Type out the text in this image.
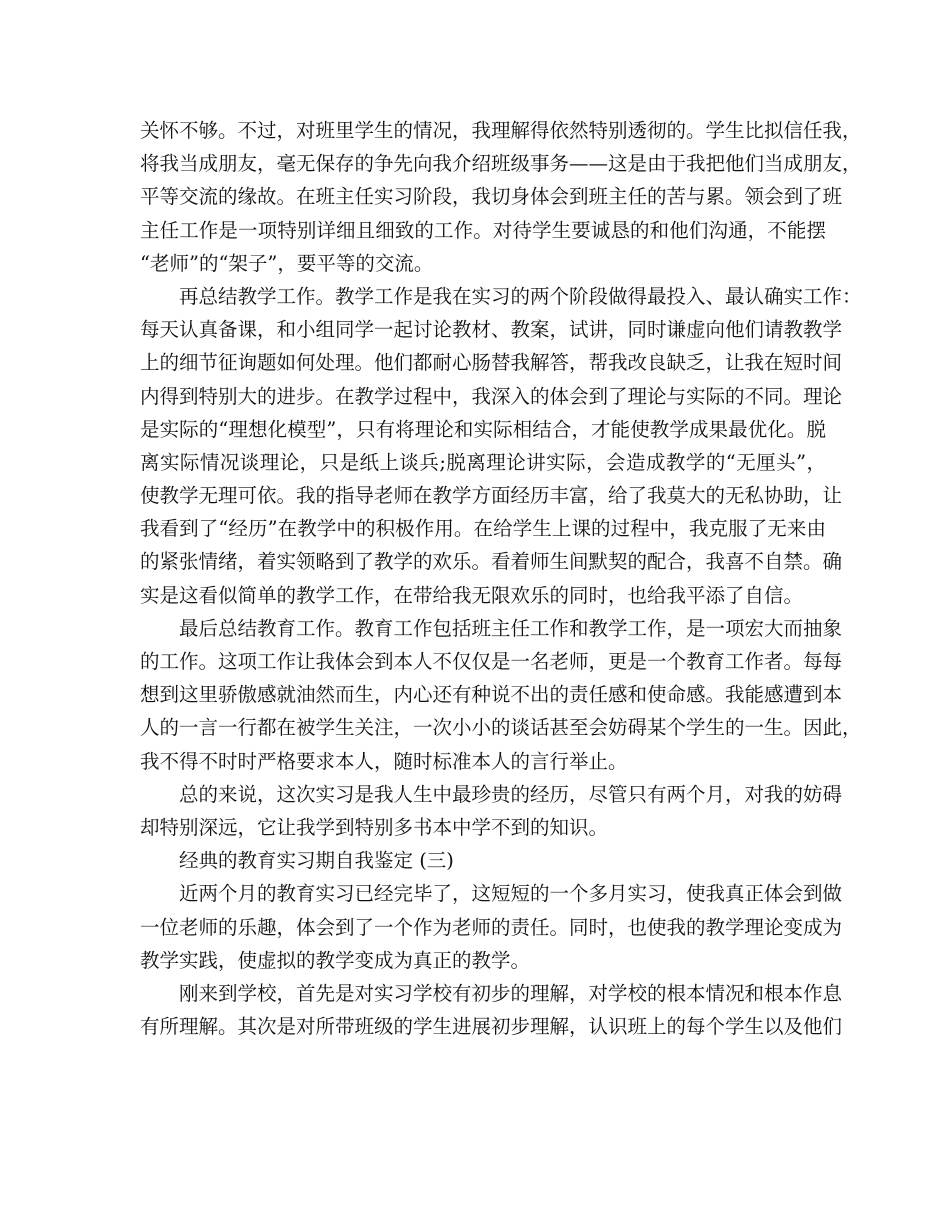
关怀不够。不过，对班里学生的情况，我理解得依然特别透彻的。学生比拟信任我，
将我当成朋友，毫无保存的争先向我介绍班级事务——这是由于我把他们当成朋友，
平等交流的缘故。在班主任实习阶段，我切身体会到班主任的苦与累。领会到了班
主任工作是一项特别详细且细致的工作。对待学生要诚恳的和他们沟通，不能摆
“老师”的“架子”，要平等的交流。
再总结教学工作。教学工作是我在实习的两个阶段做得最投入、最认确实工作：
每天认真备课，和小组同学一起讨论教材、教案，试讲，同时谦虚向他们请教教学
上的细节征询题如何处理。他们都耐心肠替我解答，帮我改良缺乏，让我在短时间
内得到特别大的进步。在教学过程中，我深入的体会到了理论与实际的不同。理论
是实际的“理想化模型”，只有将理论和实际相结合，才能使教学成果最优化。脱
离实际情况谈理论，只是纸上谈兵;脱离理论讲实际，会造成教学的“无厘头”，
使教学无理可依。我的指导老师在教学方面经历丰富，给了我莫大的无私协助，让
我看到了“经历”在教学中的积极作用。在给学生上课的过程中，我克服了无来由
的紧张情绪，着实领略到了教学的欢乐。看着师生间默契的配合，我喜不自禁。确
实是这看似简单的教学工作，在带给我无限欢乐的同时，也给我平添了自信。
最后总结教育工作。教育工作包括班主任工作和教学工作，是一项宏大而抽象
的工作。这项工作让我体会到本人不仅仅是一名老师，更是一个教育工作者。每每
想到这里骄傲感就油然而生，内心还有种说不出的责任感和使命感。我能感遭到本
人的一言一行都在被学生关注，一次小小的谈话甚至会妨碍某个学生的一生。因此，
我不得不时时严格要求本人，随时标准本人的言行举止。
总的来说，这次实习是我人生中最珍贵的经历，尽管只有两个月，对我的妨碍
却特别深远，它让我学到特别多书本中学不到的知识。
经典的教育实习期自我鉴定 (三)
近两个月的教育实习已经完毕了，这短短的一个多月实习，使我真正体会到做
一位老师的乐趣，体会到了一个作为老师的责任。同时，也使我的教学理论变成为
教学实践，使虚拟的教学变成为真正的教学。
刚来到学校，首先是对实习学校有初步的理解，对学校的根本情况和根本作息
有所理解。其次是对所带班级的学生进展初步理解，认识班上的每个学生以及他们
